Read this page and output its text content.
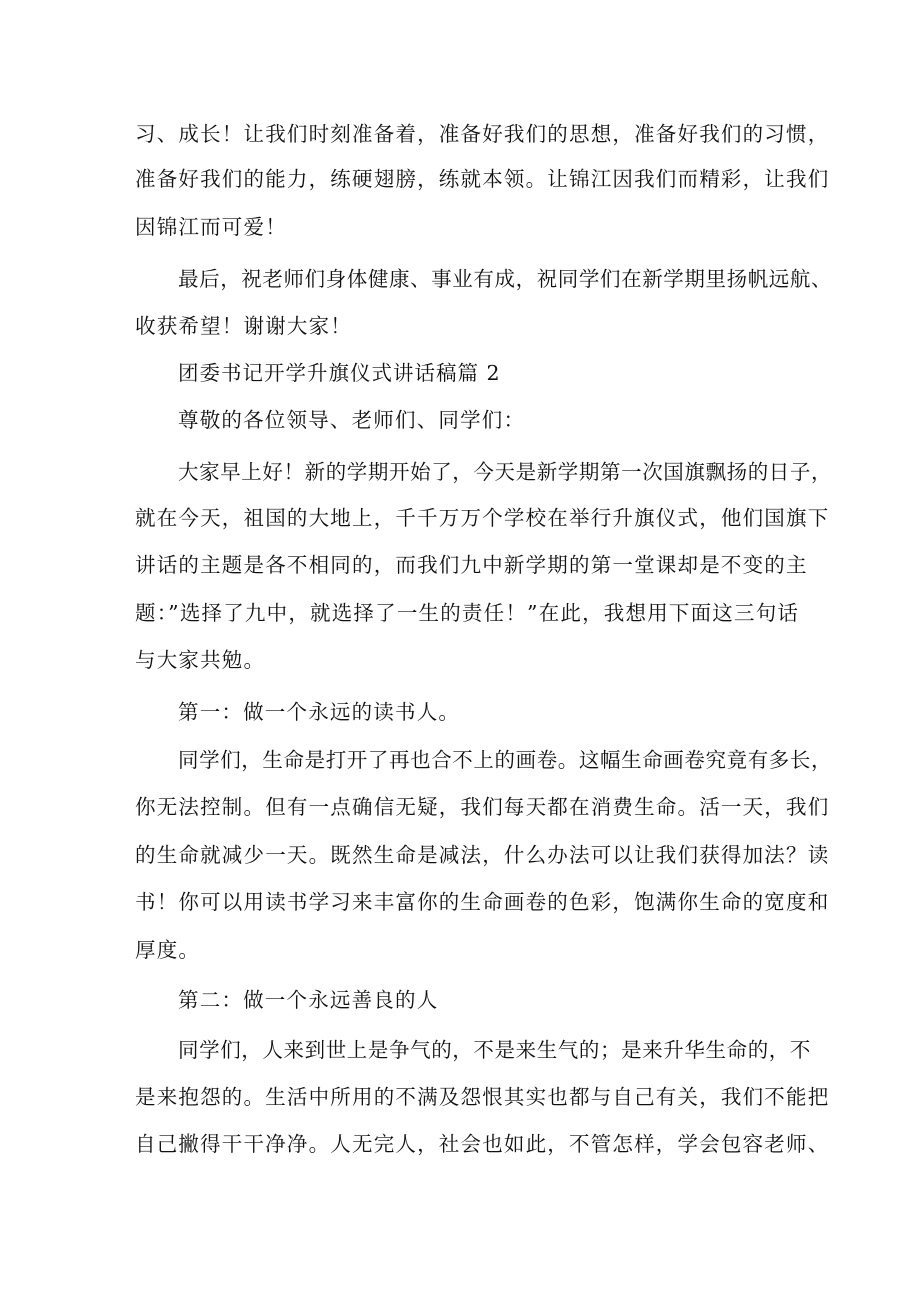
习、成长！让我们时刻准备着，准备好我们的思想，准备好我们的习惯，
准备好我们的能力，练硬翅膀，练就本领。让锦江因我们而精彩，让我们
因锦江而可爱！
最后，祝老师们身体健康、事业有成，祝同学们在新学期里扬帆远航、
收获希望！谢谢大家！
团委书记开学升旗仪式讲话稿篇 2
尊敬的各位领导、老师们、同学们：
大家早上好！新的学期开始了，今天是新学期第一次国旗飘扬的日子，
就在今天，祖国的大地上，千千万万个学校在举行升旗仪式，他们国旗下
讲话的主题是各不相同的，而我们九中新学期的第一堂课却是不变的主
题：”选择了九中，就选择了一生的责任！”在此，我想用下面这三句话
与大家共勉。
第一：做一个永远的读书人。
同学们，生命是打开了再也合不上的画卷。这幅生命画卷究竟有多长，
你无法控制。但有一点确信无疑，我们每天都在消费生命。活一天，我们
的生命就减少一天。既然生命是减法，什么办法可以让我们获得加法？读
书！你可以用读书学习来丰富你的生命画卷的色彩，饱满你生命的宽度和
厚度。
第二：做一个永远善良的人
同学们，人来到世上是争气的，不是来生气的；是来升华生命的，不
是来抱怨的。生活中所用的不满及怨恨其实也都与自己有关，我们不能把
自己撇得干干净净。人无完人，社会也如此，不管怎样，学会包容老师、
